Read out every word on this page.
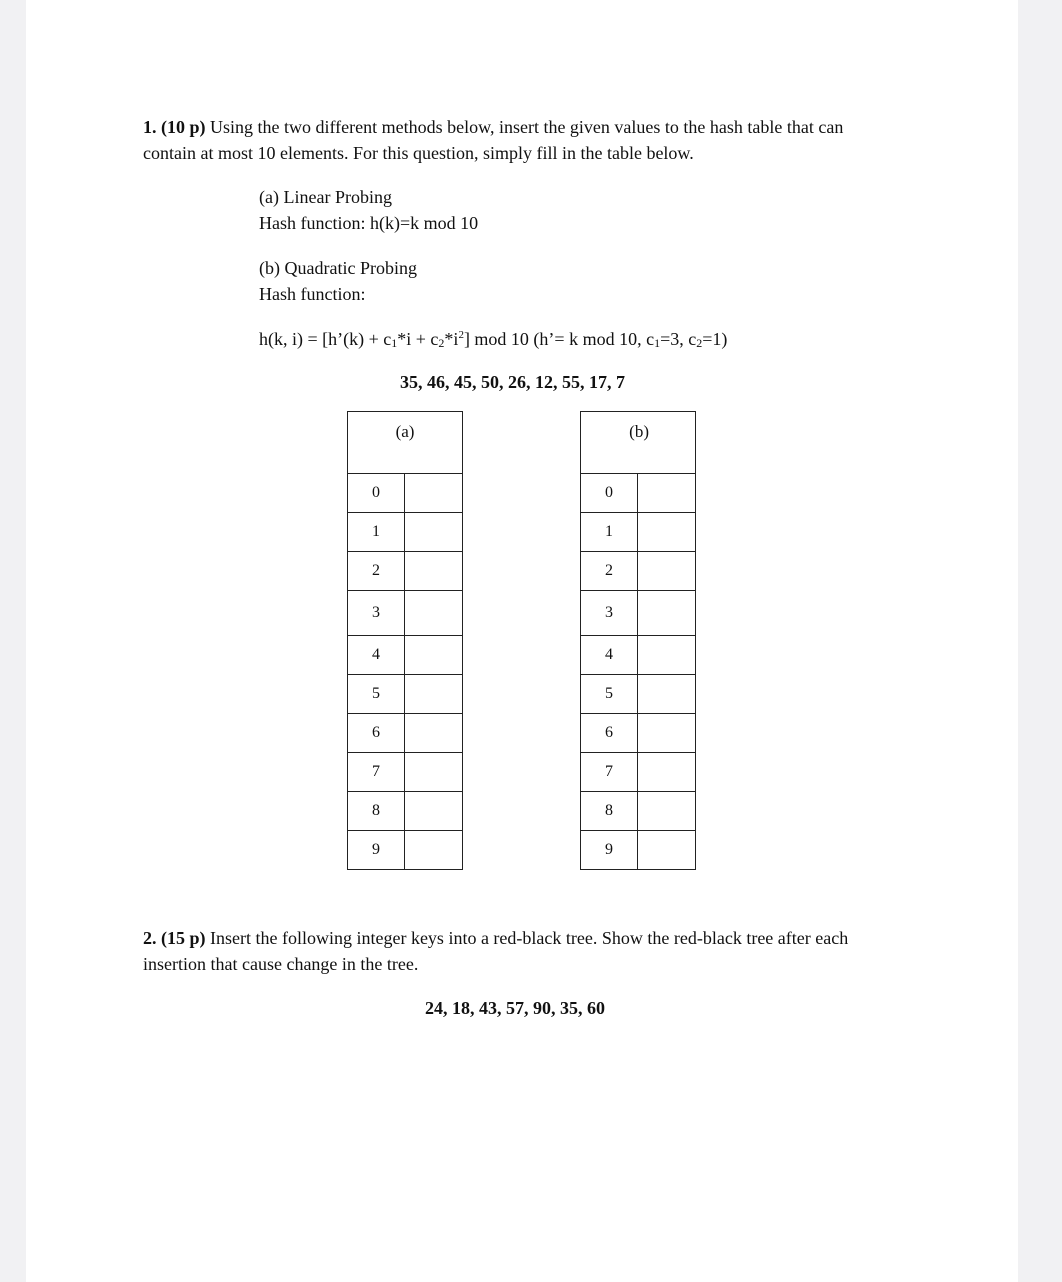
1. (10 p) Using the two different methods below, insert the given values to the hash table that can

contain at most 10 elements. For this question, simply fill in the table below.

(a) Linear Probing

Hash function: h(k)=k mod 10

(b) Quadratic Probing

Hash function:

h(k, i) = [h’(k) + $c_1*i + c_2*i^2$] mod 10 (h’= k mod 10, $c_1=3$, $c_2=1$)

35, 46, 45, 50, 26, 12, 55, 17, 7

(a)	
0	
1	
2	
3	
4	
5	
6	
7	
8	
9	
(b)	
0	
1	
2	
3	
4	
5	
6	
7	
8	
9	

2. (15 p) Insert the following integer keys into a red-black tree. Show the red-black tree after each

insertion that cause change in the tree.

24, 18, 43, 57, 90, 35, 60
